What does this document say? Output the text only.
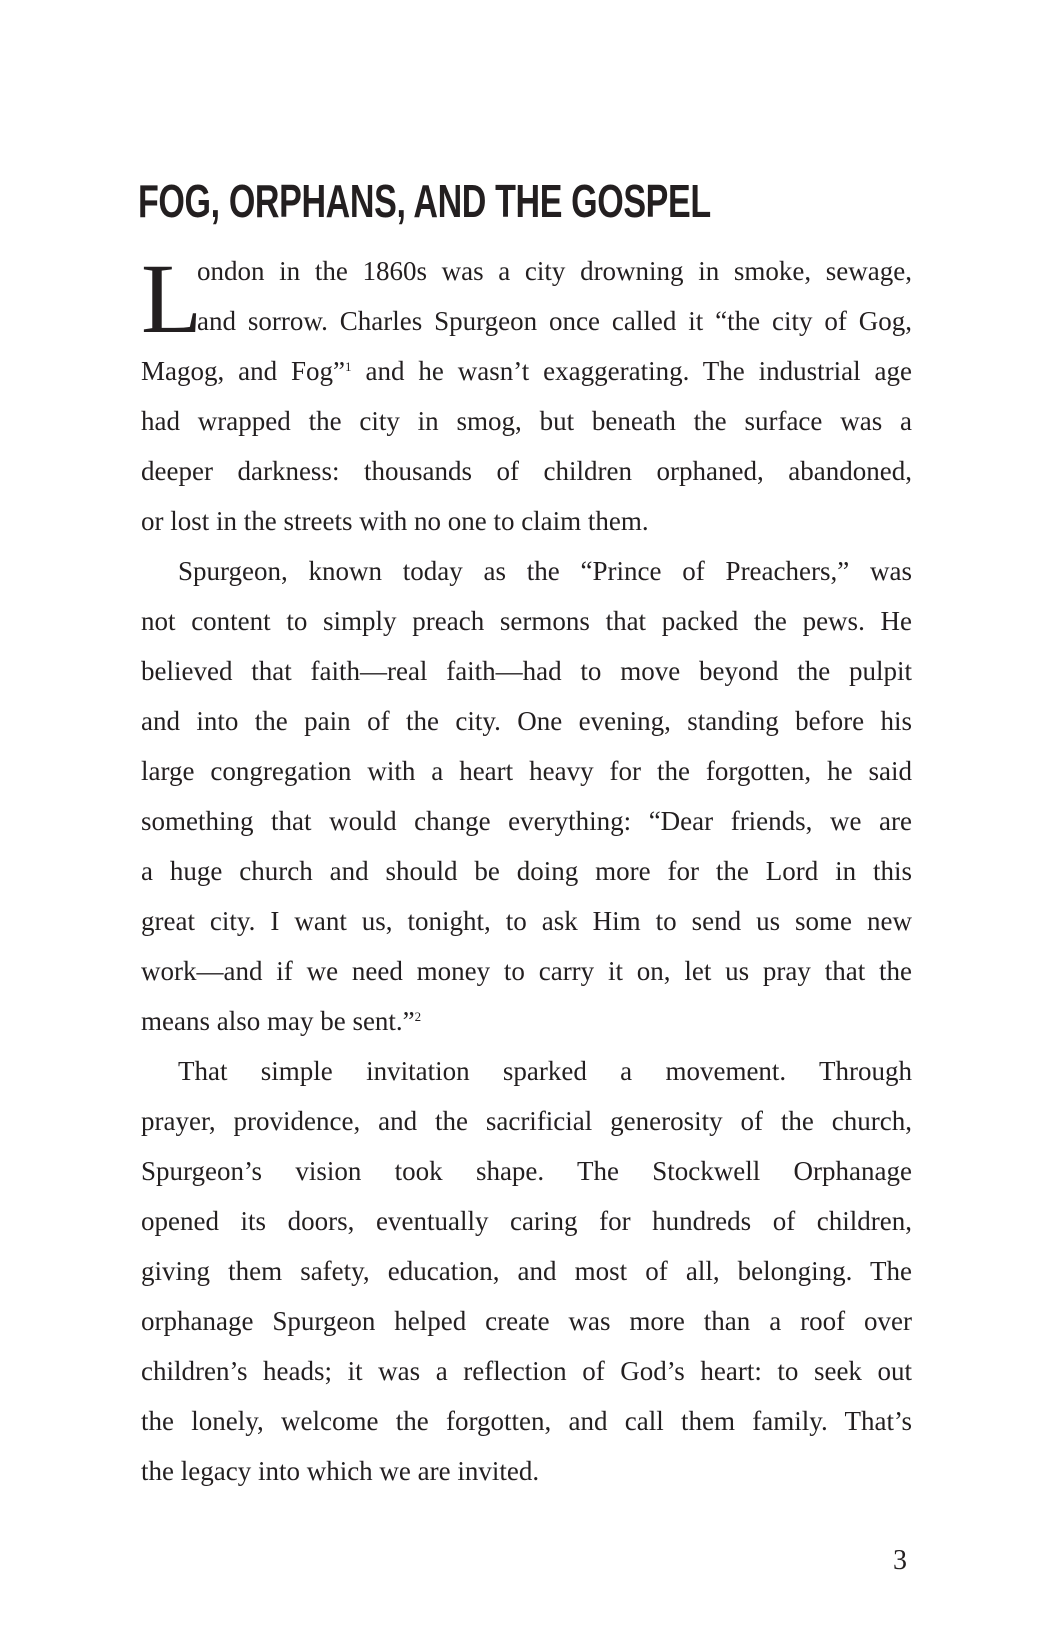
FOG, ORPHANS, AND THE GOSPEL
L
ondon in the 1860s was a city drowning in smoke, sewage,
and sorrow. Charles Spurgeon once called it “the city of Gog,
Magog, and Fog”$^1$ and he wasn’t exaggerating. The industrial age
had wrapped the city in smog, but beneath the surface was a
deeper darkness: thousands of children orphaned, abandoned,
or lost in the streets with no one to claim them.
Spurgeon, known today as the “Prince of Preachers,” was
not content to simply preach sermons that packed the pews. He
believed that faith—real faith—had to move beyond the pulpit
and into the pain of the city. One evening, standing before his
large congregation with a heart heavy for the forgotten, he said
something that would change everything: “Dear friends, we are
a huge church and should be doing more for the Lord in this
great city. I want us, tonight, to ask Him to send us some new
work—and if we need money to carry it on, let us pray that the
means also may be sent.”$^2$
That simple invitation sparked a movement. Through
prayer, providence, and the sacrificial generosity of the church,
Spurgeon’s vision took shape. The Stockwell Orphanage
opened its doors, eventually caring for hundreds of children,
giving them safety, education, and most of all, belonging. The
orphanage Spurgeon helped create was more than a roof over
children’s heads; it was a reflection of God’s heart: to seek out
the lonely, welcome the forgotten, and call them family. That’s
the legacy into which we are invited.
3
